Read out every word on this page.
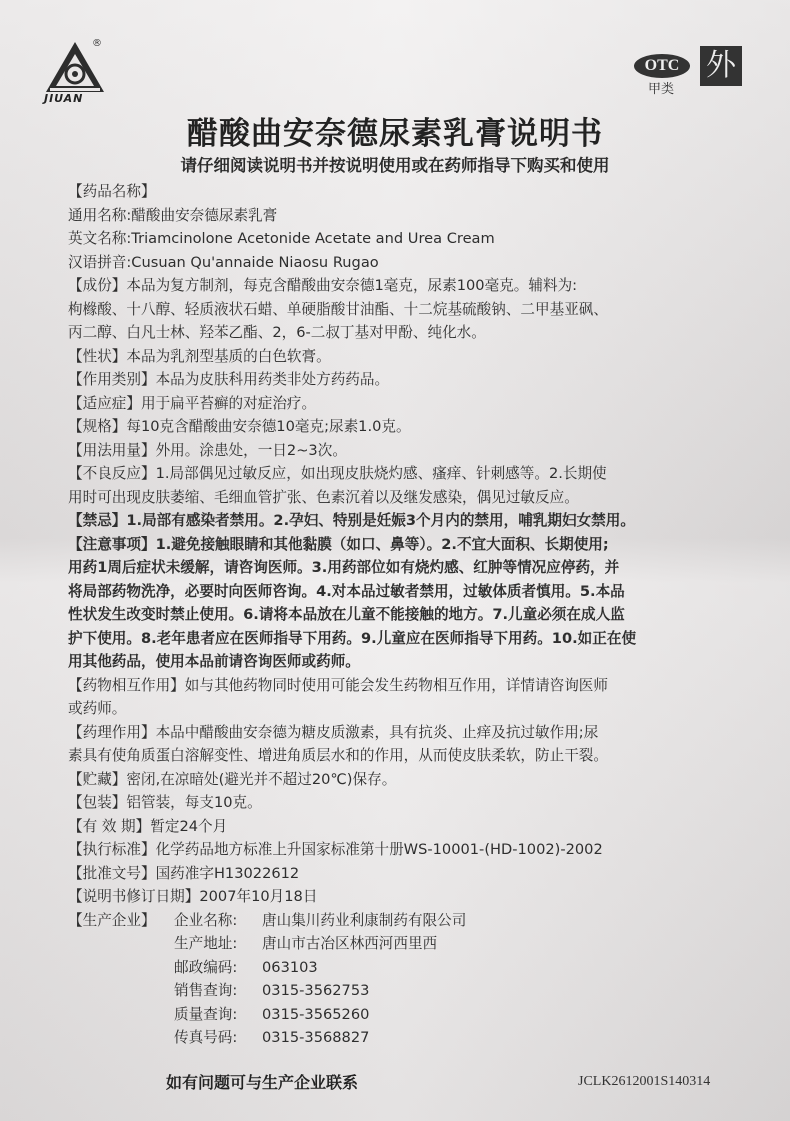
®
JIUAN
OTC
甲类
外
醋酸曲安奈德尿素乳膏说明书
请仔细阅读说明书并按说明使用或在药师指导下购买和使用
【药品名称】
通用名称:醋酸曲安奈德尿素乳膏
英文名称:Triamcinolone Acetonide Acetate and Urea Cream
汉语拼音:Cusuan Qu'annaide Niaosu Rugao
【成份】本品为复方制剂，每克含醋酸曲安奈德1毫克，尿素100毫克。辅料为:
枸橼酸、十八醇、轻质液状石蜡、单硬脂酸甘油酯、十二烷基硫酸钠、二甲基亚砜、
丙二醇、白凡士林、羟苯乙酯、2，6-二叔丁基对甲酚、纯化水。
【性状】本品为乳剂型基质的白色软膏。
【作用类别】本品为皮肤科用药类非处方药药品。
【适应症】用于扁平苔癣的对症治疗。
【规格】每10克含醋酸曲安奈德10毫克;尿素1.0克。
【用法用量】外用。涂患处，一日2~3次。
【不良反应】1.局部偶见过敏反应，如出现皮肤烧灼感、瘙痒、针刺感等。2.长期使
用时可出现皮肤萎缩、毛细血管扩张、色素沉着以及继发感染，偶见过敏反应。
【禁忌】1.局部有感染者禁用。2.孕妇、特别是妊娠3个月内的禁用，哺乳期妇女禁用。
【注意事项】1.避免接触眼睛和其他黏膜（如口、鼻等）。2.不宜大面积、长期使用;
用药1周后症状未缓解，请咨询医师。3.用药部位如有烧灼感、红肿等情况应停药，并
将局部药物洗净，必要时向医师咨询。4.对本品过敏者禁用，过敏体质者慎用。5.本品
性状发生改变时禁止使用。6.请将本品放在儿童不能接触的地方。7.儿童必须在成人监
护下使用。8.老年患者应在医师指导下用药。9.儿童应在医师指导下用药。10.如正在使
用其他药品，使用本品前请咨询医师或药师。
【药物相互作用】如与其他药物同时使用可能会发生药物相互作用，详情请咨询医师
或药师。
【药理作用】本品中醋酸曲安奈德为糖皮质激素，具有抗炎、止痒及抗过敏作用;尿
素具有使角质蛋白溶解变性、增进角质层水和的作用，从而使皮肤柔软，防止干裂。
【贮藏】密闭,在凉暗处(避光并不超过20℃)保存。
【包装】铝管装，每支10克。
【有 效 期】暂定24个月
【执行标准】化学药品地方标准上升国家标准第十册WS-10001-(HD-1002)-2002
【批准文号】国药准字H13022612
【说明书修订日期】2007年10月18日
【生产企业】	企业名称:	唐山集川药业利康制药有限公司
生产地址:	唐山市古冶区林西河西里西
邮政编码:	063103
销售查询:	0315-3562753
质量查询:	0315-3565260
传真号码:	0315-3568827
如有问题可与生产企业联系	JCLK2612001S140314
